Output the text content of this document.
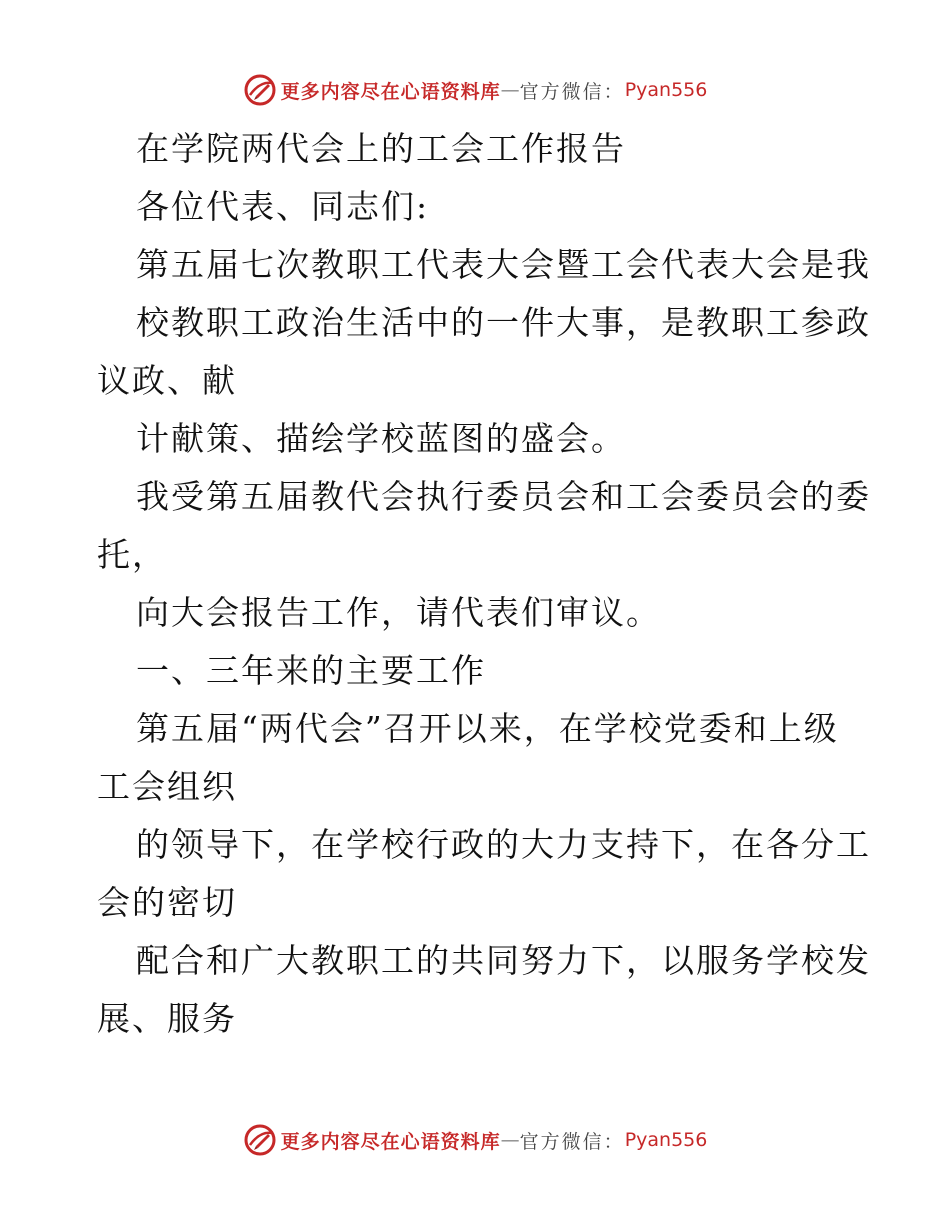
更多内容尽在心语资料库 — 官方微信： Pyan556
在学院两代会上的工会工作报告
各位代表、同志们:
第五届七次教职工代表大会暨工会代表大会是我
校教职工政治生活中的一件大事，是教职工参政
议政、献
计献策、描绘学校蓝图的盛会。
我受第五届教代会执行委员会和工会委员会的委
托，
向大会报告工作，请代表们审议。
一、三年来的主要工作
第五届“两代会”召开以来，在学校党委和上级
工会组织
的领导下，在学校行政的大力支持下，在各分工
会的密切
配合和广大教职工的共同努力下，以服务学校发
展、服务
更多内容尽在心语资料库 — 官方微信： Pyan556
